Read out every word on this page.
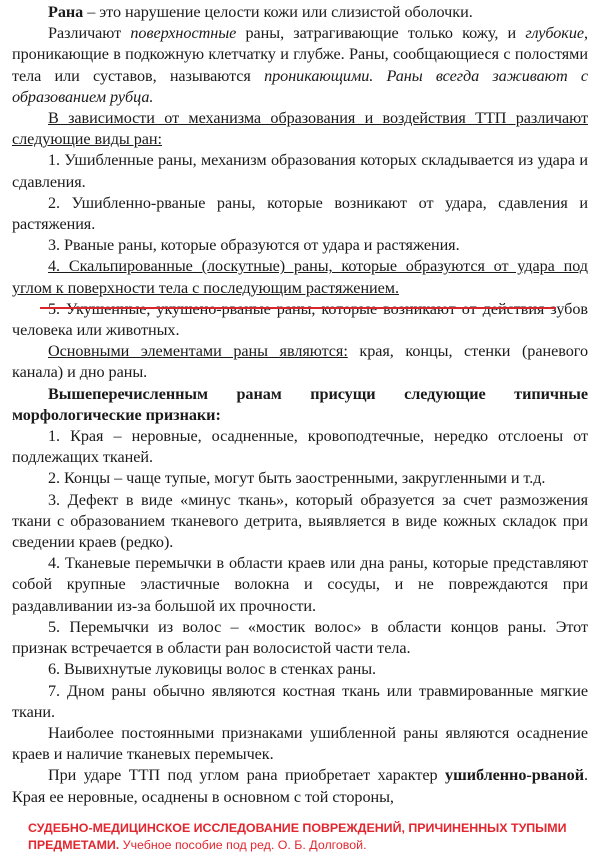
Рана – это нарушение целости кожи или слизистой оболочки.

Различают поверхностные раны, затрагивающие только кожу, и глубокие, проникающие в подкожную клетчатку и глубже. Раны, сообщающиеся с полостями тела или суставов, называются проникающими. Раны всегда заживают с образованием рубца.

В зависимости от механизма образования и воздействия ТТП различают следующие виды ран:

1. Ушибленные раны, механизм образования которых складывается из удара и сдавления.

2. Ушибленно-рваные раны, которые возникают от удара, сдавления и растяжения.

3. Рваные раны, которые образуются от удара и растяжения.

4. Скальпированные (лоскутные) раны, которые образуются от удара под углом к поверхности тела с последующим растяжением.

5. Укушенные, укушено-рваные раны, которые возникают от действия зубов человека или животных.

Основными элементами раны являются: края, концы, стенки (раневого канала) и дно раны.

Вышеперечисленным ранам присущи следующие типичные морфологические признаки:

1. Края – неровные, осадненные, кровоподтечные, нередко отслоены от подлежащих тканей.

2. Концы – чаще тупые, могут быть заостренными, закругленными и т.д.

3. Дефект в виде «минус ткань», который образуется за счет размозжения ткани с образованием тканевого детрита, выявляется в виде кожных складок при сведении краев (редко).

4. Тканевые перемычки в области краев или дна раны, которые представляют собой крупные эластичные волокна и сосуды, и не повреждаются при раздавливании из-за большой их прочности.

5. Перемычки из волос – «мостик волос» в области концов раны. Этот признак встречается в области ран волосистой части тела.

6. Вывихнутые луковицы волос в стенках раны.

7. Дном раны обычно являются костная ткань или травмированные мягкие ткани.

Наиболее постоянными признаками ушибленной раны являются осаднение краев и наличие тканевых перемычек.

При ударе ТТП под углом рана приобретает характер ушибленно-рваной. Края ее неровные, осаднены в основном с той стороны,

СУДЕБНО-МЕДИЦИНСКОЕ ИССЛЕДОВАНИЕ ПОВРЕЖДЕНИЙ, ПРИЧИНЕННЫХ ТУПЫМИ ПРЕДМЕТАМИ. Учебное пособие под ред. О. Б. Долговой.
